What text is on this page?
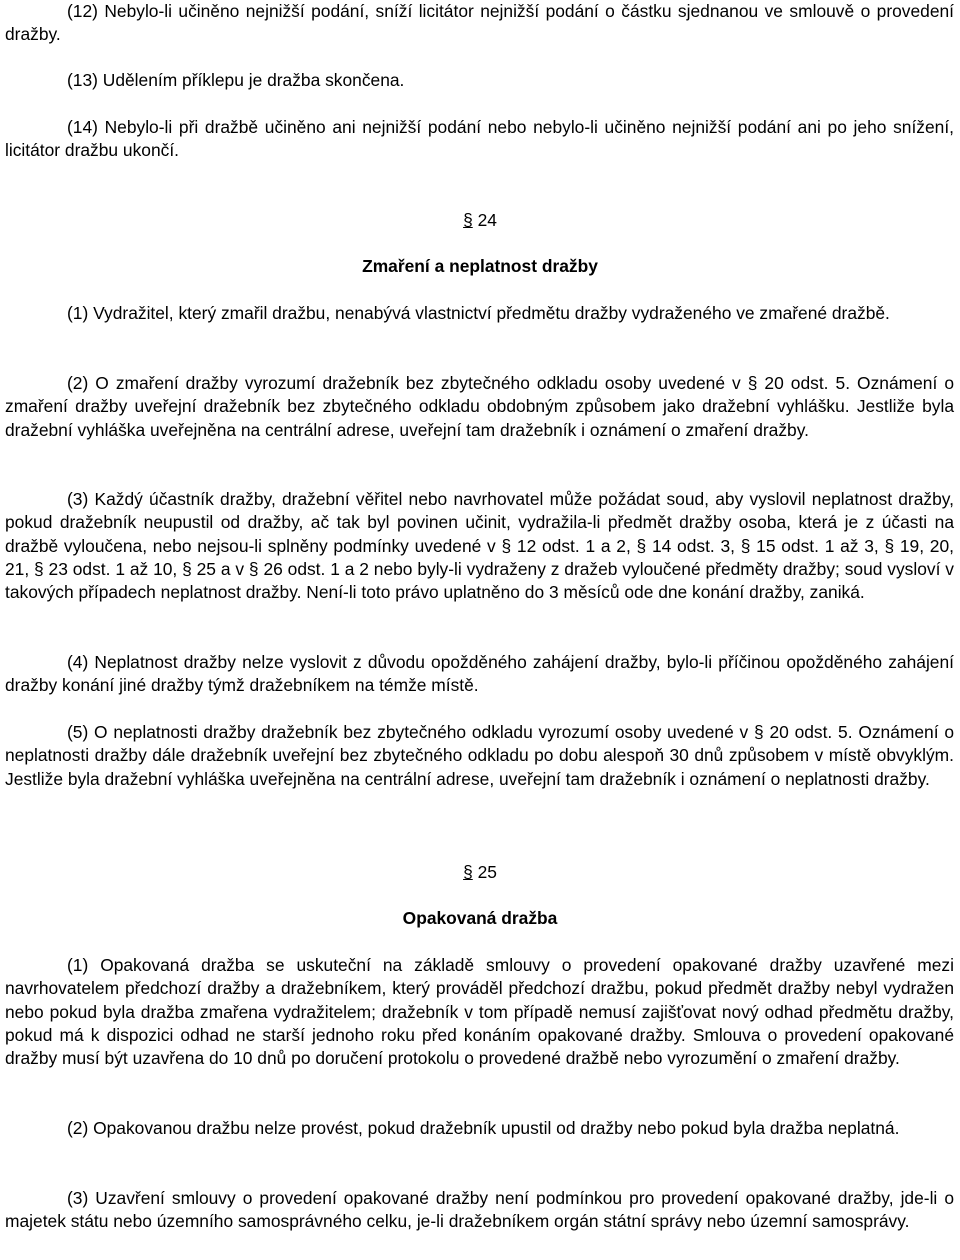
(12) Nebylo-li učiněno nejnižší podání, sníží licitátor nejnižší podání o částku sjednanou ve smlouvě o provedení dražby.

(13) Udělením příklepu je dražba skončena.

(14) Nebylo-li při dražbě učiněno ani nejnižší podání nebo nebylo-li učiněno nejnižší podání ani po jeho snížení, licitátor dražbu ukončí.

§ 24
Zmaření a neplatnost dražby

(1) Vydražitel, který zmařil dražbu, nenabývá vlastnictví předmětu dražby vydraženého ve zmařené dražbě.

(2) O zmaření dražby vyrozumí dražebník bez zbytečného odkladu osoby uvedené v § 20 odst. 5. Oznámení o zmaření dražby uveřejní dražebník bez zbytečného odkladu obdobným způsobem jako dražební vyhlášku. Jestliže byla dražební vyhláška uveřejněna na centrální adrese, uveřejní tam dražebník i oznámení o zmaření dražby.

(3) Každý účastník dražby, dražební věřitel nebo navrhovatel může požádat soud, aby vyslovil neplatnost dražby, pokud dražebník neupustil od dražby, ač tak byl povinen učinit, vydražila-li předmět dražby osoba, která je z účasti na dražbě vyloučena, nebo nejsou-li splněny podmínky uvedené v § 12 odst. 1 a 2, § 14 odst. 3, § 15 odst. 1 až 3, § 19, 20, 21, § 23 odst. 1 až 10, § 25 a v § 26 odst. 1 a 2 nebo byly-li vydraženy z dražeb vyloučené předměty dražby; soud vysloví v takových případech neplatnost dražby. Není-li toto právo uplatněno do 3 měsíců ode dne konání dražby, zaniká.

(4) Neplatnost dražby nelze vyslovit z důvodu opožděného zahájení dražby, bylo-li příčinou opožděného zahájení dražby konání jiné dražby týmž dražebníkem na témže místě.

(5) O neplatnosti dražby dražebník bez zbytečného odkladu vyrozumí osoby uvedené v § 20 odst. 5. Oznámení o neplatnosti dražby dále dražebník uveřejní bez zbytečného odkladu po dobu alespoň 30 dnů způsobem v místě obvyklým. Jestliže byla dražební vyhláška uveřejněna na centrální adrese, uveřejní tam dražebník i oznámení o neplatnosti dražby.

§ 25
Opakovaná dražba

(1) Opakovaná dražba se uskuteční na základě smlouvy o provedení opakované dražby uzavřené mezi navrhovatelem předchozí dražby a dražebníkem, který prováděl předchozí dražbu, pokud předmět dražby nebyl vydražen nebo pokud byla dražba zmařena vydražitelem; dražebník v tom případě nemusí zajišťovat nový odhad předmětu dražby, pokud má k dispozici odhad ne starší jednoho roku před konáním opakované dražby. Smlouva o provedení opakované dražby musí být uzavřena do 10 dnů po doručení protokolu o provedené dražbě nebo vyrozumění o zmaření dražby.

(2) Opakovanou dražbu nelze provést, pokud dražebník upustil od dražby nebo pokud byla dražba neplatná.

(3) Uzavření smlouvy o provedení opakované dražby není podmínkou pro provedení opakované dražby, jde-li o majetek státu nebo územního samosprávného celku, je-li dražebníkem orgán státní správy nebo územní samosprávy.
